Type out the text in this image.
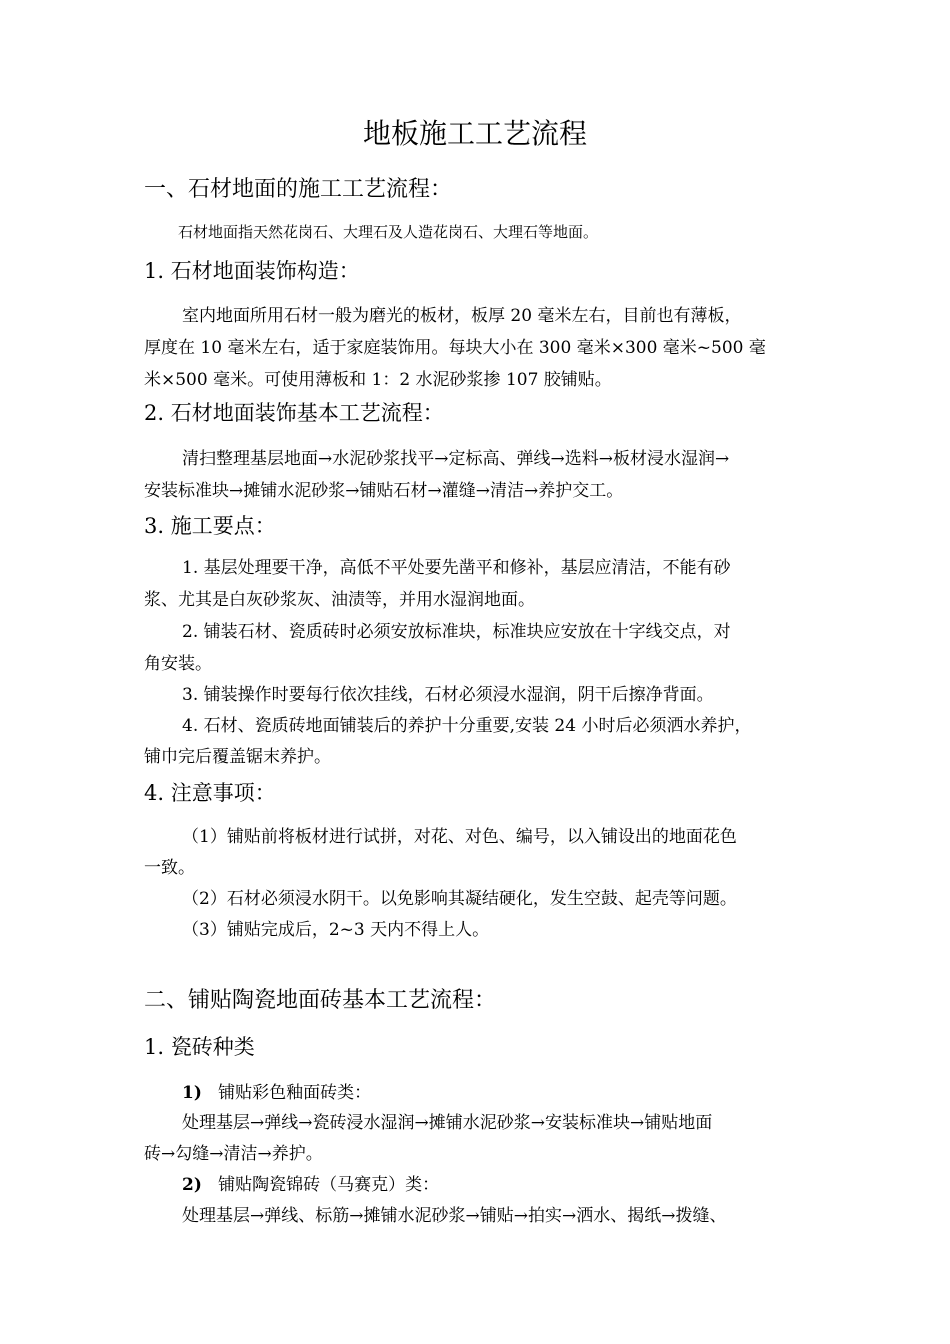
地板施工工艺流程
一、石材地面的施工工艺流程：
石材地面指天然花岗石、大理石及人造花岗石、大理石等地面。
1. 石材地面装饰构造：
室内地面所用石材一般为磨光的板材，板厚 20 毫米左右，目前也有薄板，
厚度在 10 毫米左右，适于家庭装饰用。每块大小在 300 毫米×300 毫米~500 毫
米×500 毫米。可使用薄板和 1：2 水泥砂浆掺 107 胶铺贴。
2. 石材地面装饰基本工艺流程：
清扫整理基层地面→水泥砂浆找平→定标高、弹线→选料→板材浸水湿润→
安装标准块→摊铺水泥砂浆→铺贴石材→灌缝→清洁→养护交工。
3. 施工要点：
1. 基层处理要干净，高低不平处要先凿平和修补，基层应清洁，不能有砂
浆、尤其是白灰砂浆灰、油渍等，并用水湿润地面。
2. 铺装石材、瓷质砖时必须安放标准块，标准块应安放在十字线交点，对
角安装。
3. 铺装操作时要每行依次挂线，石材必须浸水湿润，阴干后擦净背面。
4. 石材、瓷质砖地面铺装后的养护十分重要,安装 24 小时后必须洒水养护，
铺巾完后覆盖锯末养护。
4. 注意事项：
（1）铺贴前将板材进行试拼，对花、对色、编号，以入铺设出的地面花色
一致。
（2）石材必须浸水阴干。以免影响其凝结硬化，发生空鼓、起壳等问题。
（3）铺贴完成后，2~3 天内不得上人。
二、铺贴陶瓷地面砖基本工艺流程：
1. 瓷砖种类
1) 铺贴彩色釉面砖类：
处理基层→弹线→瓷砖浸水湿润→摊铺水泥砂浆→安装标准块→铺贴地面
砖→勾缝→清洁→养护。
2) 铺贴陶瓷锦砖（马赛克）类：
处理基层→弹线、标筋→摊铺水泥砂浆→铺贴→拍实→洒水、揭纸→拨缝、
